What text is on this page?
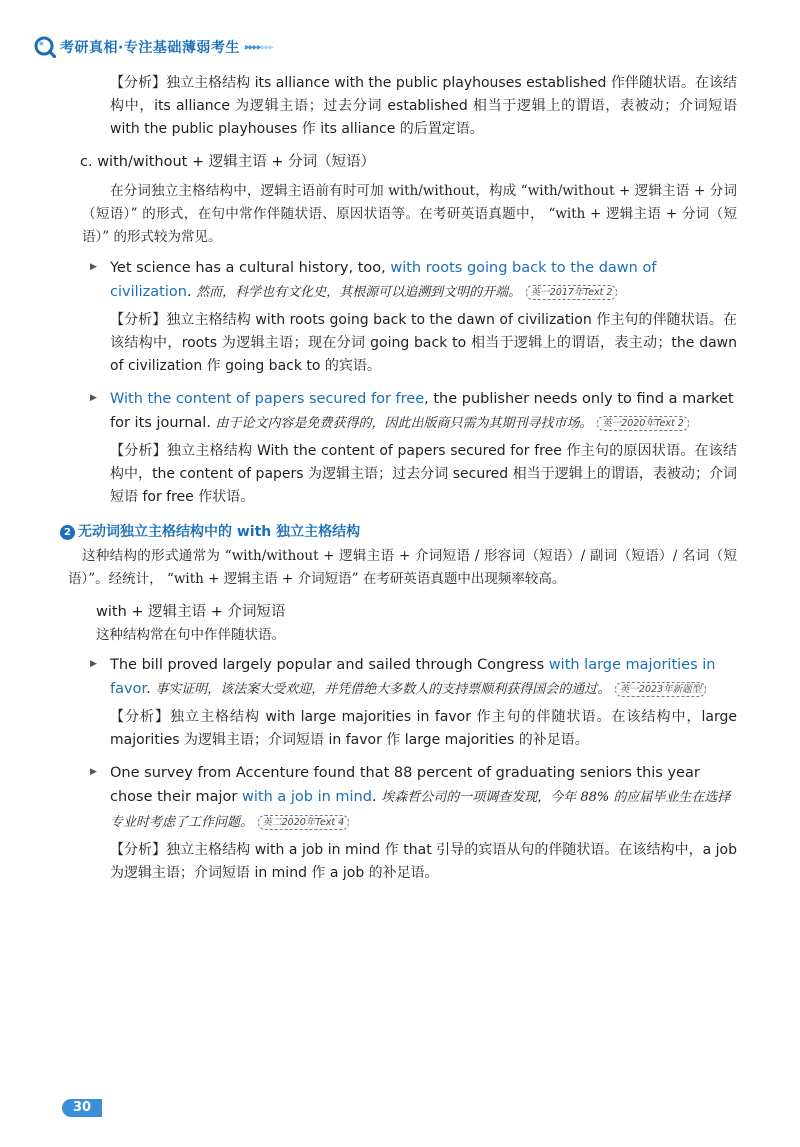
考研真相·专注基础薄弱考生 ▸▸▸▸▸▸▸

【分析】独立主格结构 its alliance with the public playhouses established 作伴随状语。在该结构中，its alliance 为逻辑主语；过去分词 established 相当于逻辑上的谓语，表被动；介词短语 with the public playhouses 作 its alliance 的后置定语。

c. with/without + 逻辑主语 + 分词（短语）

在分词独立主格结构中，逻辑主语前有时可加 with/without，构成 “with/without + 逻辑主语 + 分词（短语）” 的形式，在句中常作伴随状语、原因状语等。在考研英语真题中， “with + 逻辑主语 + 分词（短语）” 的形式较为常见。

▶ Yet science has a cultural history, too, with roots going back to the dawn of civilization. 然而，科学也有文化史，其根源可以追溯到文明的开端。 英一2017年Text 2

【分析】独立主格结构 with roots going back to the dawn of civilization 作主句的伴随状语。在该结构中，roots 为逻辑主语；现在分词 going back to 相当于逻辑上的谓语，表主动；the dawn of civilization 作 going back to 的宾语。

▶ With the content of papers secured for free, the publisher needs only to find a market for its journal. 由于论文内容是免费获得的，因此出版商只需为其期刊寻找市场。 英一2020年Text 2

【分析】独立主格结构 With the content of papers secured for free 作主句的原因状语。在该结构中，the content of papers 为逻辑主语；过去分词 secured 相当于逻辑上的谓语，表被动；介词短语 for free 作状语。

2 无动词独立主格结构中的 with 独立主格结构

这种结构的形式通常为 “with/without + 逻辑主语 + 介词短语 / 形容词（短语）/ 副词（短语）/ 名词（短语）”。经统计， “with + 逻辑主语 + 介词短语” 在考研英语真题中出现频率较高。

with + 逻辑主语 + 介词短语

这种结构常在句中作伴随状语。

▶ The bill proved largely popular and sailed through Congress with large majorities in favor. 事实证明，该法案大受欢迎，并凭借绝大多数人的支持票顺利获得国会的通过。 英一2023年新题型

【分析】独立主格结构 with large majorities in favor 作主句的伴随状语。在该结构中，large majorities 为逻辑主语；介词短语 in favor 作 large majorities 的补足语。

▶ One survey from Accenture found that 88 percent of graduating seniors this year chose their major with a job in mind. 埃森哲公司的一项调查发现，今年 88% 的应届毕业生在选择专业时考虑了工作问题。 英二2020年Text 4

【分析】独立主格结构 with a job in mind 作 that 引导的宾语从句的伴随状语。在该结构中，a job 为逻辑主语；介词短语 in mind 作 a job 的补足语。

30
